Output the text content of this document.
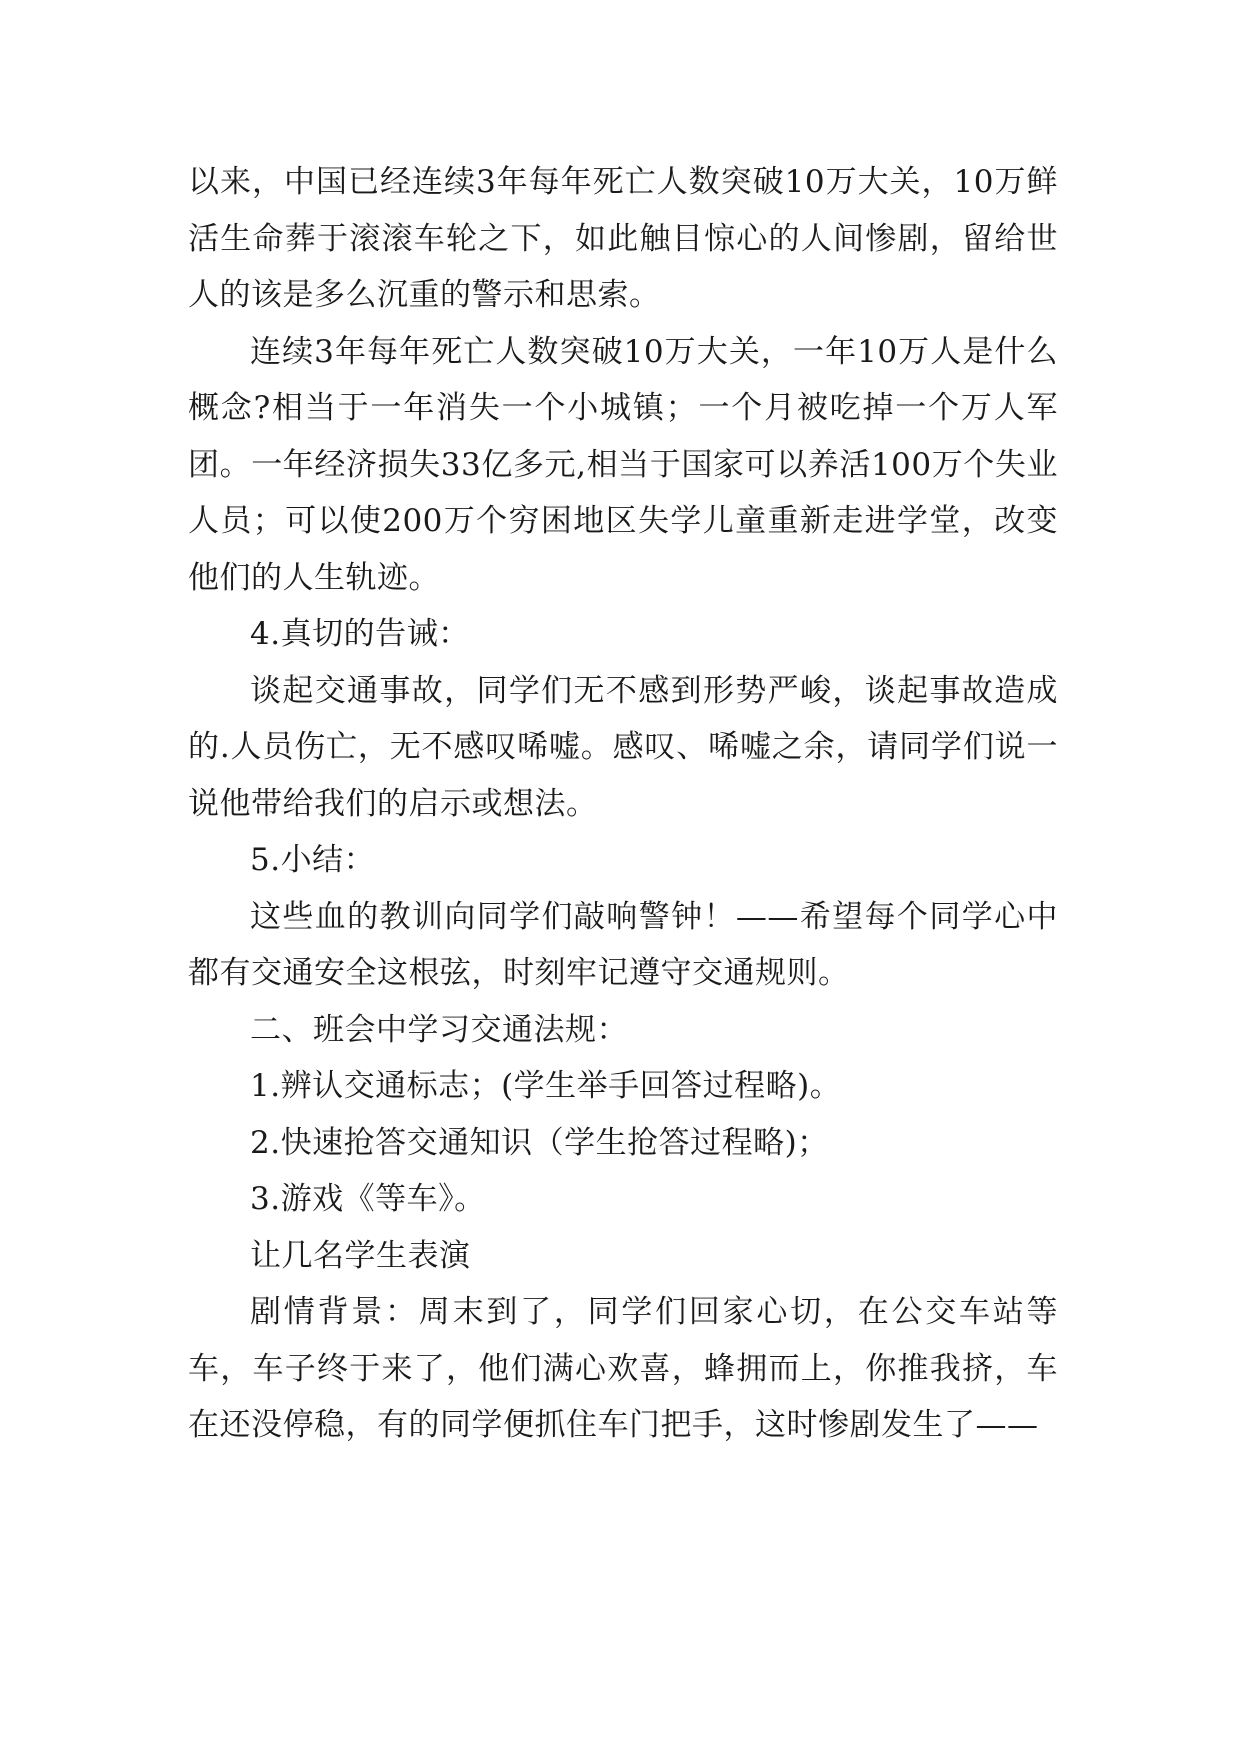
以来，中国已经连续3年每年死亡人数突破10万大关，10万鲜活生命葬于滚滚车轮之下，如此触目惊心的人间惨剧，留给世人的该是多么沉重的警示和思索。

连续3年每年死亡人数突破10万大关，一年10万人是什么概念?相当于一年消失一个小城镇；一个月被吃掉一个万人军团。一年经济损失33亿多元,相当于国家可以养活100万个失业人员；可以使200万个穷困地区失学儿童重新走进学堂，改变他们的人生轨迹。

4.真切的告诫：

谈起交通事故，同学们无不感到形势严峻，谈起事故造成的.人员伤亡，无不感叹唏嘘。感叹、唏嘘之余，请同学们说一说他带给我们的启示或想法。

5.小结：

这些血的教训向同学们敲响警钟！——希望每个同学心中都有交通安全这根弦，时刻牢记遵守交通规则。

二、班会中学习交通法规：

1.辨认交通标志；(学生举手回答过程略)。

2.快速抢答交通知识（学生抢答过程略)；

3.游戏《等车》。

让几名学生表演

剧情背景：周末到了，同学们回家心切，在公交车站等车，车子终于来了，他们满心欢喜，蜂拥而上，你推我挤，车在还没停稳，有的同学便抓住车门把手，这时惨剧发生了——
